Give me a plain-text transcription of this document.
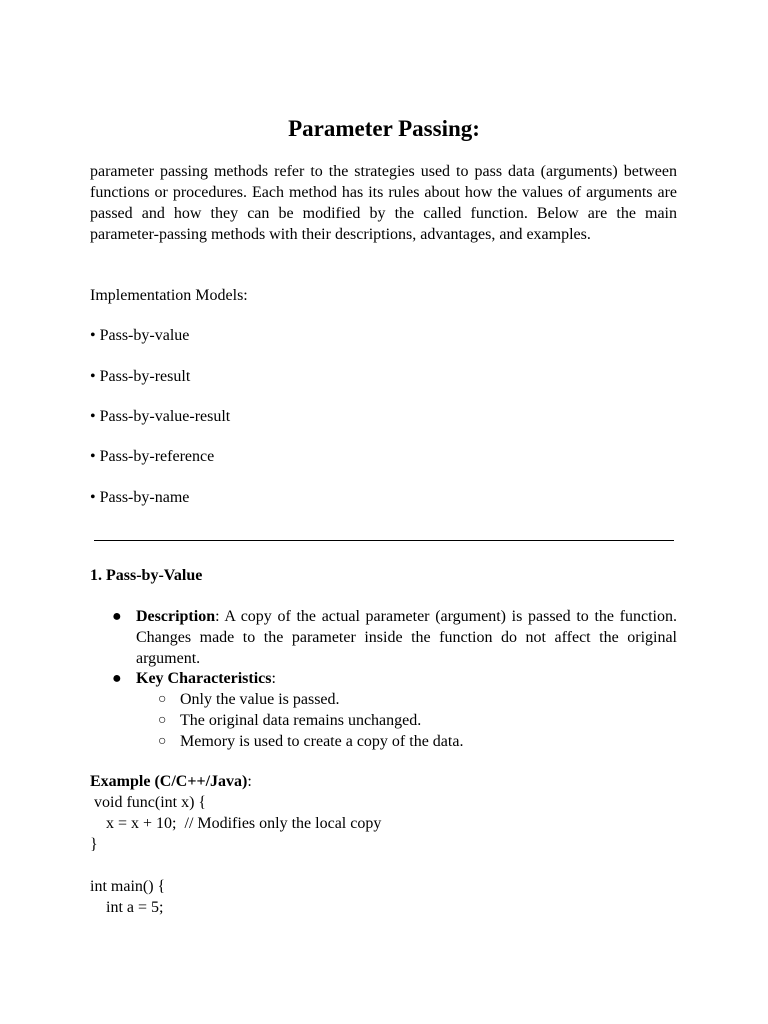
Parameter Passing:

parameter passing methods refer to the strategies used to pass data (arguments) between functions or procedures. Each method has its rules about how the values of arguments are passed and how they can be modified by the called function. Below are the main parameter-passing methods with their descriptions, advantages, and examples.

Implementation Models:

• Pass-by-value

• Pass-by-result

• Pass-by-value-result

• Pass-by-reference

• Pass-by-name

1. Pass-by-Value

● Description: A copy of the actual parameter (argument) is passed to the function. Changes made to the parameter inside the function do not affect the original argument.

● Key Characteristics:

○ Only the value is passed.

○ The original data remains unchanged.

○ Memory is used to create a copy of the data.

Example (C/C++/Java):

void func(int x) {

x = x + 10;  // Modifies only the local copy

}

int main() {

int a = 5;
